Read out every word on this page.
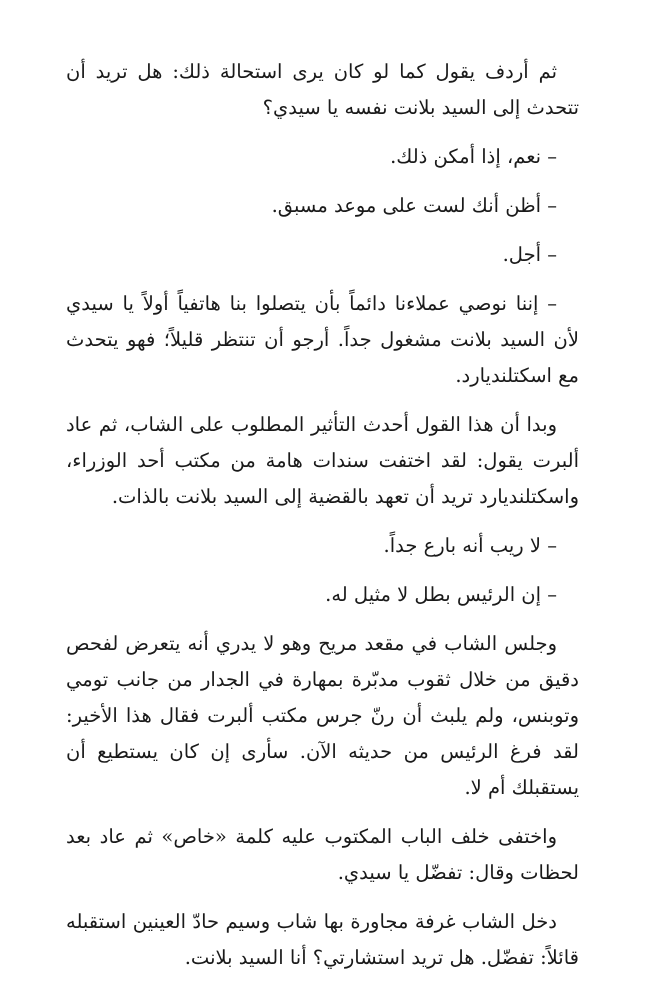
ثم أردف يقول كما لو كان يرى استحالة ذلك: هل تريد أن تتحدث إلى السيد بلانت نفسه يا سيدي؟

– نعم، إذا أمكن ذلك.

– أظن أنك لست على موعد مسبق.

– أجل.

– إننا نوصي عملاءنا دائماً بأن يتصلوا بنا هاتفياً أولاً يا سيدي لأن السيد بلانت مشغول جداً. أرجو أن تنتظر قليلاً؛ فهو يتحدث مع اسكتلنديارد.

وبدا أن هذا القول أحدث التأثير المطلوب على الشاب، ثم عاد ألبرت يقول: لقد اختفت سندات هامة من مكتب أحد الوزراء، واسكتلنديارد تريد أن تعهد بالقضية إلى السيد بلانت بالذات.

– لا ريب أنه بارع جداً.

– إن الرئيس بطل لا مثيل له.

وجلس الشاب في مقعد مريح وهو لا يدري أنه يتعرض لفحص دقيق من خلال ثقوب مدبّرة بمهارة في الجدار من جانب تومي وتوبنس، ولم يلبث أن رنّ جرس مكتب ألبرت فقال هذا الأخير: لقد فرغ الرئيس من حديثه الآن. سأرى إن كان يستطيع أن يستقبلك أم لا.

واختفى خلف الباب المكتوب عليه كلمة «خاص» ثم عاد بعد لحظات وقال: تفضّل يا سيدي.

دخل الشاب غرفة مجاورة بها شاب وسيم حادّ العينين استقبله قائلاً: تفضّل. هل تريد استشارتي؟ أنا السيد بلانت.
